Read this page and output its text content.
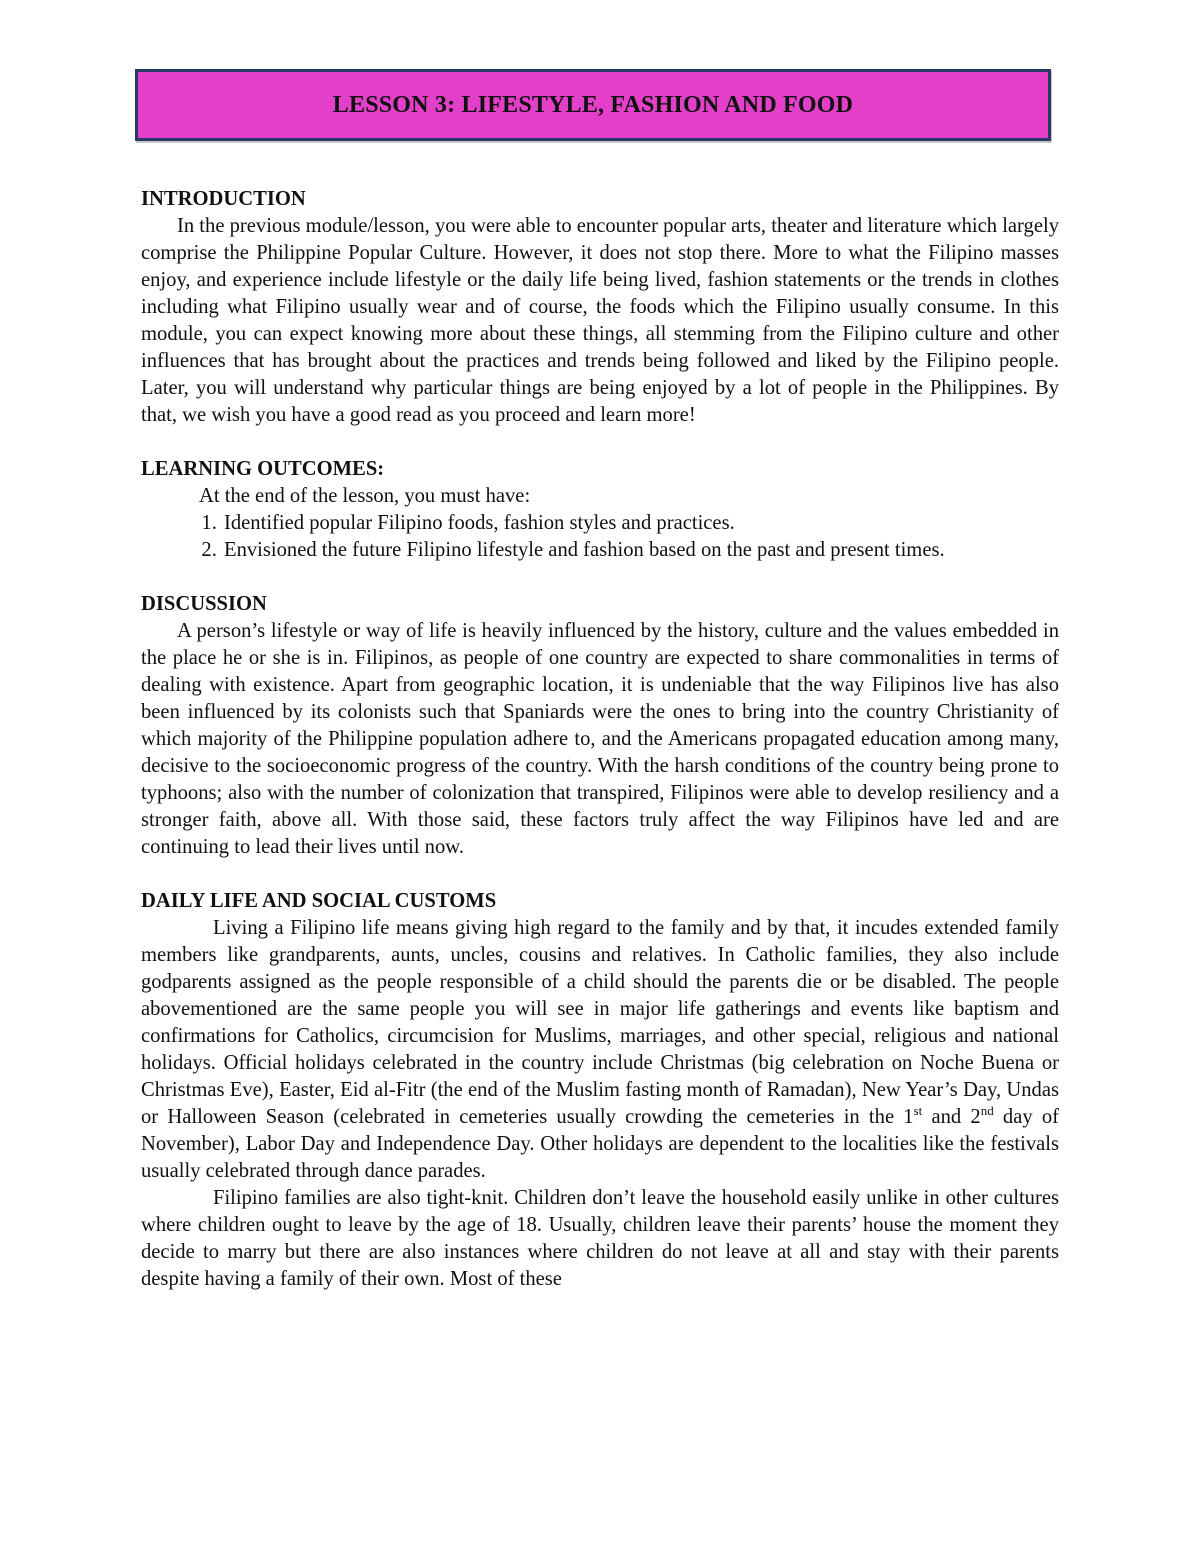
LESSON 3: LIFESTYLE, FASHION AND FOOD

INTRODUCTION

In the previous module/lesson, you were able to encounter popular arts, theater and literature which largely comprise the Philippine Popular Culture. However, it does not stop there. More to what the Filipino masses enjoy, and experience include lifestyle or the daily life being lived, fashion statements or the trends in clothes including what Filipino usually wear and of course, the foods which the Filipino usually consume. In this module, you can expect knowing more about these things, all stemming from the Filipino culture and other influences that has brought about the practices and trends being followed and liked by the Filipino people. Later, you will understand why particular things are being enjoyed by a lot of people in the Philippines. By that, we wish you have a good read as you proceed and learn more!

LEARNING OUTCOMES:

At the end of the lesson, you must have:

1. Identified popular Filipino foods, fashion styles and practices.
2. Envisioned the future Filipino lifestyle and fashion based on the past and present times.

DISCUSSION

A person’s lifestyle or way of life is heavily influenced by the history, culture and the values embedded in the place he or she is in. Filipinos, as people of one country are expected to share commonalities in terms of dealing with existence. Apart from geographic location, it is undeniable that the way Filipinos live has also been influenced by its colonists such that Spaniards were the ones to bring into the country Christianity of which majority of the Philippine population adhere to, and the Americans propagated education among many, decisive to the socioeconomic progress of the country. With the harsh conditions of the country being prone to typhoons; also with the number of colonization that transpired, Filipinos were able to develop resiliency and a stronger faith, above all. With those said, these factors truly affect the way Filipinos have led and are continuing to lead their lives until now.

DAILY LIFE AND SOCIAL CUSTOMS

Living a Filipino life means giving high regard to the family and by that, it incudes extended family members like grandparents, aunts, uncles, cousins and relatives. In Catholic families, they also include godparents assigned as the people responsible of a child should the parents die or be disabled. The people abovementioned are the same people you will see in major life gatherings and events like baptism and confirmations for Catholics, circumcision for Muslims, marriages, and other special, religious and national holidays. Official holidays celebrated in the country include Christmas (big celebration on Noche Buena or Christmas Eve), Easter, Eid al-Fitr (the end of the Muslim fasting month of Ramadan), New Year’s Day, Undas or Halloween Season (celebrated in cemeteries usually crowding the cemeteries in the 1st and 2nd day of November), Labor Day and Independence Day. Other holidays are dependent to the localities like the festivals usually celebrated through dance parades.

Filipino families are also tight-knit. Children don’t leave the household easily unlike in other cultures where children ought to leave by the age of 18. Usually, children leave their parents’ house the moment they decide to marry but there are also instances where children do not leave at all and stay with their parents despite having a family of their own. Most of these
